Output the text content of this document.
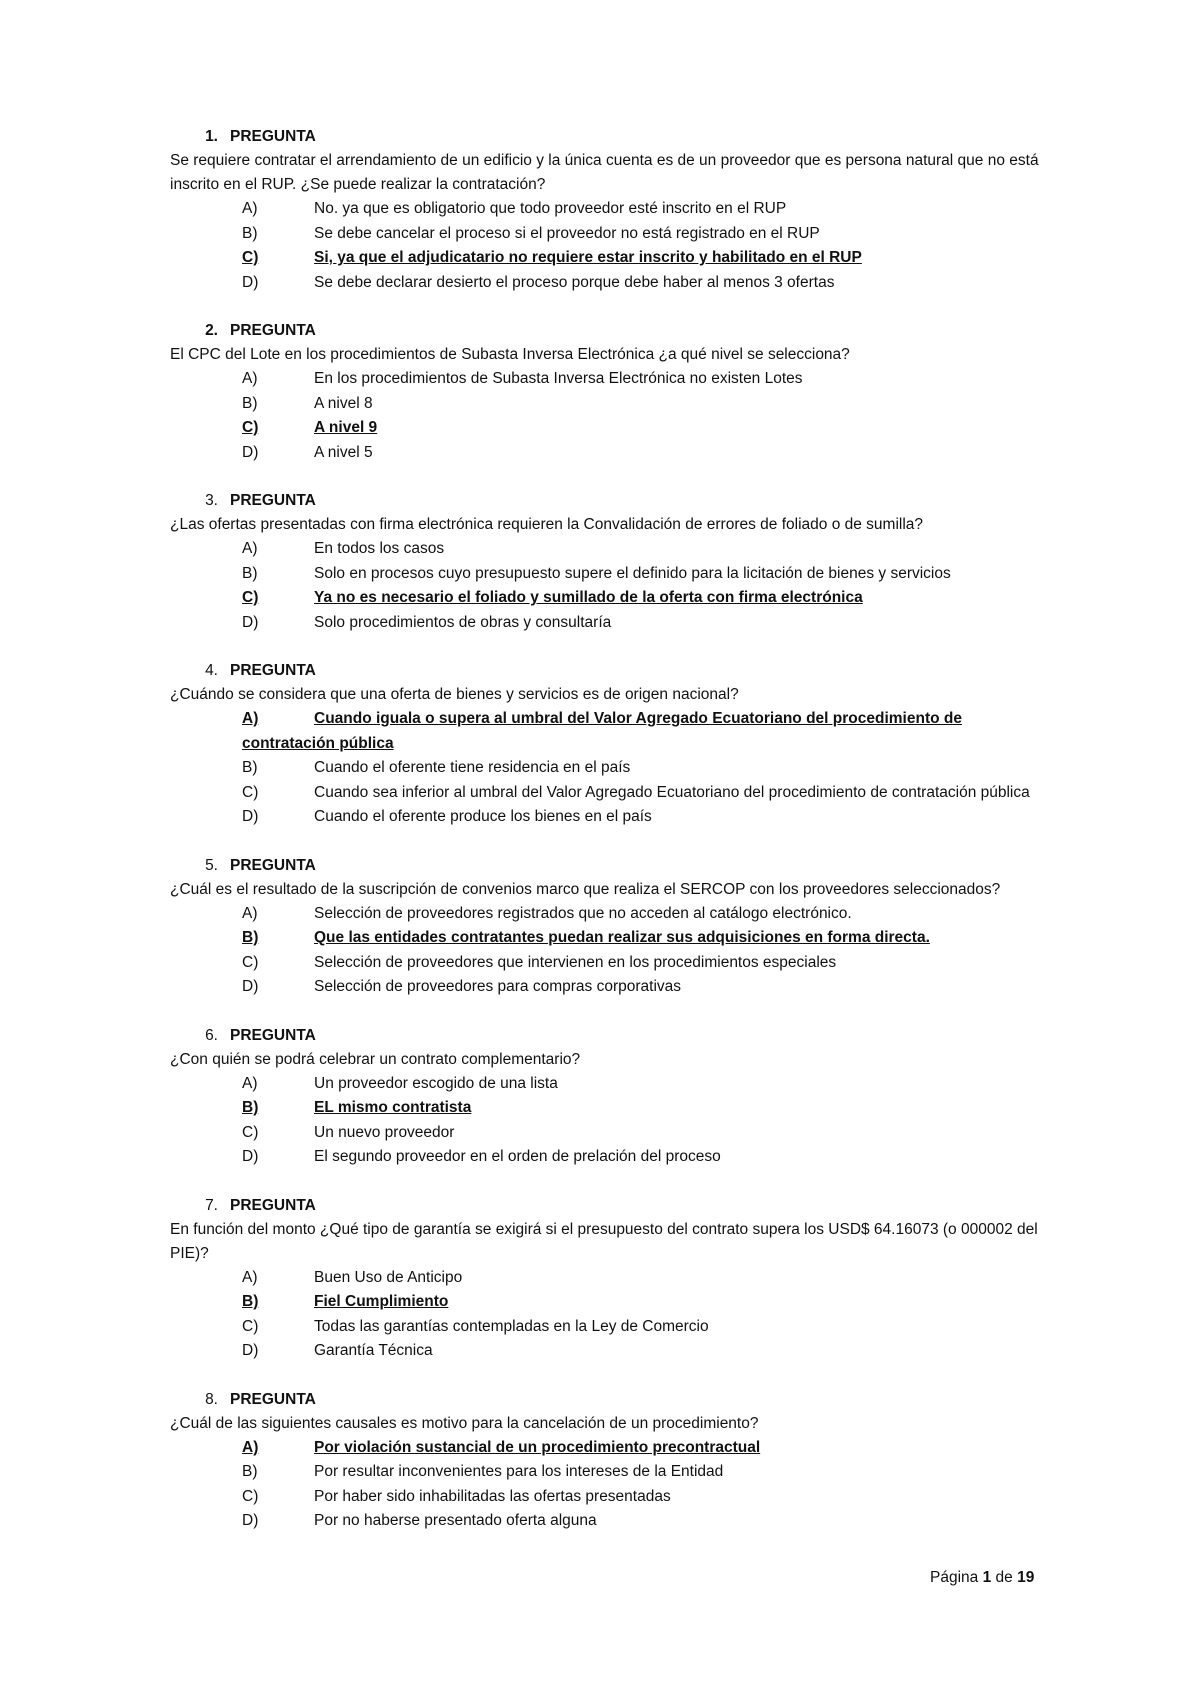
1. PREGUNTA

Se requiere contratar el arrendamiento de un edificio y la única cuenta es de un proveedor que es persona natural que no está inscrito en el RUP. ¿Se puede realizar la contratación?

A)	No. ya que es obligatorio que todo proveedor esté inscrito en el RUP
B)	Se debe cancelar el proceso si el proveedor no está registrado en el RUP
C)	Si, ya que el adjudicatario no requiere estar inscrito y habilitado en el RUP
D)	Se debe declarar desierto el proceso porque debe haber al menos 3 ofertas
2. PREGUNTA

El CPC del Lote en los procedimientos de Subasta Inversa Electrónica ¿a qué nivel se selecciona?

A)	En los procedimientos de Subasta Inversa Electrónica no existen Lotes
B)	A nivel 8
C)	A nivel 9
D)	A nivel 5
3. PREGUNTA

¿Las ofertas presentadas con firma electrónica requieren la Convalidación de errores de foliado o de sumilla?

A)	En todos los casos
B)	Solo en procesos cuyo presupuesto supere el definido para la licitación de bienes y servicios
C)	Ya no es necesario el foliado y sumillado de la oferta con firma electrónica
D)	Solo procedimientos de obras y consultaría
4. PREGUNTA

¿Cuándo se considera que una oferta de bienes y servicios es de origen nacional?

A)	Cuando iguala o supera al umbral del Valor Agregado Ecuatoriano del procedimiento de contratación pública
B)	Cuando el oferente tiene residencia en el país
C)	Cuando sea inferior al umbral del Valor Agregado Ecuatoriano del procedimiento de contratación pública
D)	Cuando el oferente produce los bienes en el país
5. PREGUNTA

¿Cuál es el resultado de la suscripción de convenios marco que realiza el SERCOP con los proveedores seleccionados?

A)	Selección de proveedores registrados que no acceden al catálogo electrónico.
B)	Que las entidades contratantes puedan realizar sus adquisiciones en forma directa.
C)	Selección de proveedores que intervienen en los procedimientos especiales
D)	Selección de proveedores para compras corporativas
6. PREGUNTA

¿Con quién se podrá celebrar un contrato complementario?

A)	Un proveedor escogido de una lista
B)	EL mismo contratista
C)	Un nuevo proveedor
D)	El segundo proveedor en el orden de prelación del proceso
7. PREGUNTA

En función del monto ¿Qué tipo de garantía se exigirá si el presupuesto del contrato supera los USD$ 64.16073 (o 000002 del PIE)?

A)	Buen Uso de Anticipo
B)	Fiel Cumplimiento
C)	Todas las garantías contempladas en la Ley de Comercio
D)	Garantía Técnica
8. PREGUNTA

¿Cuál de las siguientes causales es motivo para la cancelación de un procedimiento?

A)	Por violación sustancial de un procedimiento precontractual
B)	Por resultar inconvenientes para los intereses de la Entidad
C)	Por haber sido inhabilitadas las ofertas presentadas
D)	Por no haberse presentado oferta alguna
Página 1 de 19
